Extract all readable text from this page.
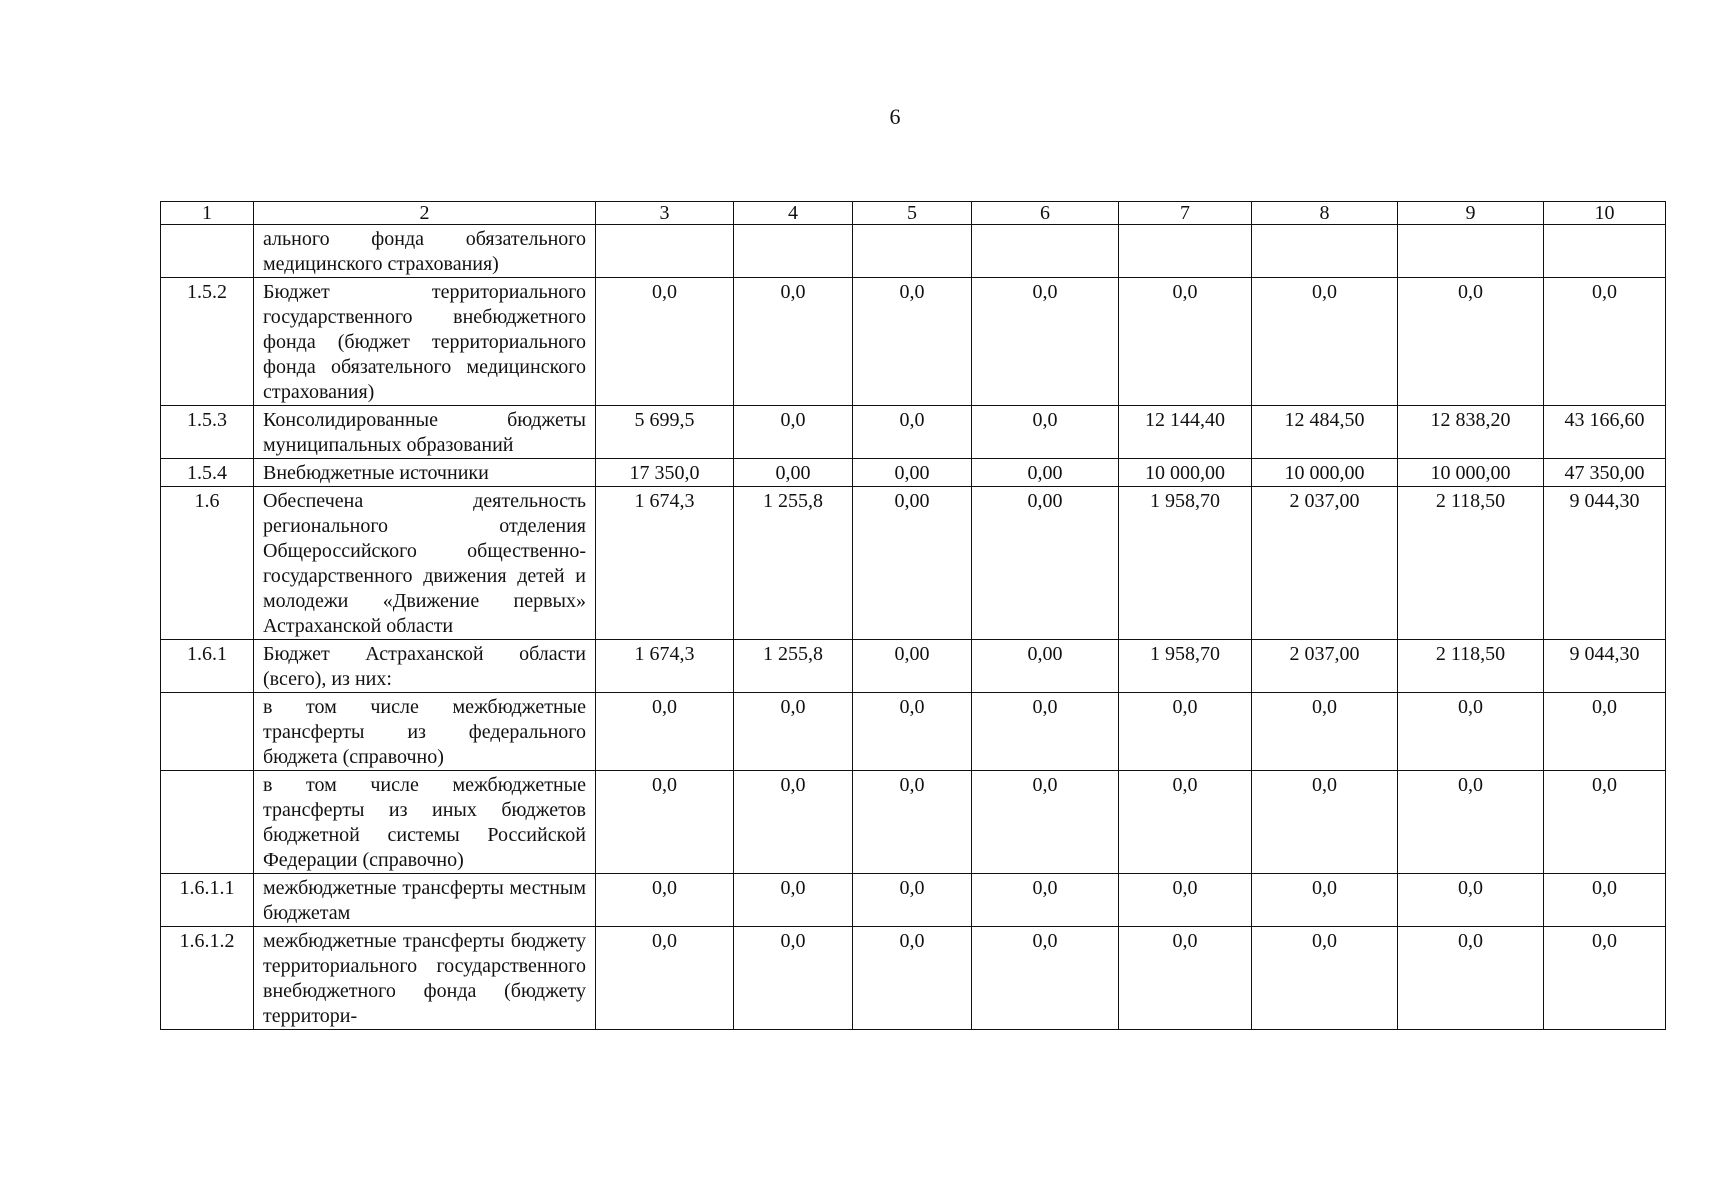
6
1	2	3	4	5	6	7	8	9	10
	ального фонда обязательного медицинского страхования)								
1.5.2	Бюджет территориального государственного внебюджетного фонда (бюджет территориального фонда обязательного медицинского страхования)	0,0	0,0	0,0	0,0	0,0	0,0	0,0	0,0
1.5.3	Консолидированные бюджеты муниципальных образований	5 699,5	0,0	0,0	0,0	12 144,40	12 484,50	12 838,20	43 166,60
1.5.4	Внебюджетные источники	17 350,0	0,00	0,00	0,00	10 000,00	10 000,00	10 000,00	47 350,00
1.6	Обеспечена деятельность регионального отделения Общероссийского общественно-государственного движения детей и молодежи «Движение первых» Астраханской области	1 674,3	1 255,8	0,00	0,00	1 958,70	2 037,00	2 118,50	9 044,30
1.6.1	Бюджет Астраханской области (всего), из них:	1 674,3	1 255,8	0,00	0,00	1 958,70	2 037,00	2 118,50	9 044,30
	в том числе межбюджетные трансферты из федерального бюджета (справочно)	0,0	0,0	0,0	0,0	0,0	0,0	0,0	0,0
	в том числе межбюджетные трансферты из иных бюджетов бюджетной системы Российской Федерации (справочно)	0,0	0,0	0,0	0,0	0,0	0,0	0,0	0,0
1.6.1.1	межбюджетные трансферты местным бюджетам	0,0	0,0	0,0	0,0	0,0	0,0	0,0	0,0
1.6.1.2	межбюджетные трансферты бюджету территориального государственного внебюджетного фонда (бюджету территори-	0,0	0,0	0,0	0,0	0,0	0,0	0,0	0,0
